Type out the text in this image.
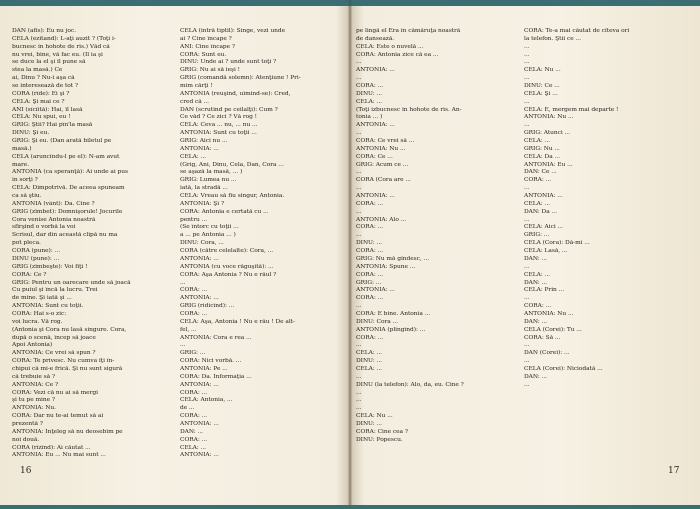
DAN (afis): Eu nu joc.
CELA (ezitand): L-aţi auzit ? (Toţi î-
bucnesc în hohote de rîs.) Văd că
nu vrei, bine, vă fac eu. (Il ia şi
se duce la el şi îl pune să
stea la masă.) Ce
ai, Dinu ? Nu-i aşa că
se interesează de tot ?
CORA (rîde): Ei şi ?
CELA: Şi mai ce ?
ANI (sîcîită): Hai, îl lasă
CELA: Nu spui, eu !
GRIG: Ştii? Hai pîn'la masă
DINU: Şi eu.
GRIG: Şi eu. (Dan arată biletul pe
masă.)
CELA (aruncîndu-l pe el): N-am avut
mare.
ANTONIA (ca speranţă): Ai unde ai pus
in sorţi ?
CELA: Dimpotrivă. De aceea spuneam
ca să ştiu.
ANTONIA (vânt): Da. Cine ?
GRIG (zîmbet): Domnişorule! Jocurile
Cora venise Antonia noastră
sfîrşind o vorbă la voi
Scrisul, dar din această clipă nu ma
pot pleca.
CORA (pune): ...
DINU (pune): ...
GRIG (zîmbeşte): Voi fiţi !
CORA: Ce ?
GRIG: Pentru un oarecare unde să joacă
Cu puiul şi încă la lucru. Trei
de mine. Şi iată şi ...
ANTONIA: Sunt cu toţii.
CORA: Hai s-o zic:
voi lucra. Vă rog.
(Antonia şi Cora nu lasă singure. Cora,
după o scenă, încep să joace
Apoi Antonia)
ANTONIA: Ce vrei să spun ?
CORA: Te privesc. Nu cumva îţi în-
chipui că mi-e frică. Şi nu sunt sigură
că trebuie să ?
ANTONIA: Ce ?
CORA: Vezi că nu ai să mergi
şi tu pe mine ?
ANTONIA: Nu.
CORA: Dar nu te-ai temut să ai
prezentă ?
ANTONIA: Înţeleg să nu deosebim pe
noi două.
CORA (rîzînd): Ai căutat ...
ANTONIA: Eu ... Nu mai sunt ...
CELA (intră tiptil): Singe, vezi unde
ai ? Cine încape ?
ANI: Cine încape ?
CORA: Sunt eu.
DINU: Unde ai ? unde sunt toţi ?
GRIG: Nu ai să ieşi !
GRIG (comandă solemn): Atenţiune ! Pri-
mim cărţi !
ANTONIA (reuşind, uimind-se): Cred,
cred că ...
DAN (scrutînd pe ceilalţi): Cum ?
Ce văd ? Ce zici ? Vă rog !
CELA: Ceva ... nu, ... nu ...
ANTONIA: Sunt cu toţii ...
GRIG: Aici nu ...
ANTONIA: ...
CELA: ...
(Grig, Ani, Dinu, Cela, Dan, Cora ...
se aşază la masă, ... )
GRIG: Lumea nu ...
iată, la stradă ...
CELA: Vreau să fiu singur, Antonia.
ANTONIA: Şi ?
CORA: Antonia e certată cu ...
pentru ...
(Se întorc cu toţii ...
a ... pe Antonia ... )
DINU: Cora, ...
CORA (către celelalte): Cora, ...
ANTONIA: ...
ANTONIA (cu voce răguşită): ...
CORA: Aşa Antonia ? Nu e răul ?
...
CORA: ...
ANTONIA: ...
GRIG (ridicînd): ...
CORA: ...
CELA: Aşa, Antonia ! Nu e rău ! De alt-
fel, ...
ANTONIA: Cora e rea ...
...
GRIG: ...
CORA: Nici vorbă. ...
ANTONIA: Pe ...
CORA: Da. Informaţia ...
ANTONIA: ...
CORA: ...
CELA: Antonia, ...
de ...
CORA: ...
ANTONIA: ...
DAN: ...
CORA: ...
CELA: ...
ANTONIA: ...
pe lingă el Era în cămăruţa noastră
de dansează.
CELA: Este o nuvelă ...
CORA: Antonia zice că ea ...
...
ANTONIA: ...
...
CORA: ...
DINU: ...
CELA: ...
(Toţi izbucnesc în hohote de rîs. An-
tonia ... )
ANTONIA: ...
...
CORA: Ce vrei să ...
ANTONIA: Nu ...
CORA: Ce ...
GRIG: Acum ce ...
...
CORA (Cora are ...
...
ANTONIA: ...
CORA: ...
...
ANTONIA: Alo ...
CORA: ...
...
DINU: ...
CORA: ...
GRIG: Nu mă gîndesc, ...
ANTONIA: Spune ...
CORA: ...
GRIG: ...
ANTONIA: ...
CORA: ...
...
CORA: E bine. Antonia ...
DINU: Cora ...
ANTONIA (plîngînd): ...
CORA: ...
...
CELA: ...
DINU: ...
CELA: ...
...
DINU (la telefon): Alo, da, eu. Cine ?
...
...
...
CELA: Nu ...
DINU: ...
CORA: Cine cea ?
DINU: Popescu.
CORA: Te-a mai căutat de cîteva ori
la telefon. Ştii ce ...
...
...
...
CELA: Nu ...
...
DINU: Ce ...
CELA: Şi ...
...
CELA: E, mergem mai departe !
ANTONIA: Nu ...
...
GRIG: Atunci ...
CELA: ...
GRIG: Nu ...
CELA: Da ...
ANTONIA: Eu ...
DAN: Ce ...
CORA: ...
...
ANTONIA: ...
CELA: ...
DAN: Da ...
...
CELA: Aici ...
GRIG: ...
CELA (Cora): Dă-mi ...
CELA: Lasă, ...
DAN: ...
...
CELA: ...
DAN: ...
CELA: Prin ...
...
CORA: ...
ANTONIA: Nu ...
DAN: ...
CELA (Corei): Tu ...
CORA: Să ...
...
DAN (Corei): ...
...
CELA (Corei): Niciodată ...
DAN: ...
...
16	17
